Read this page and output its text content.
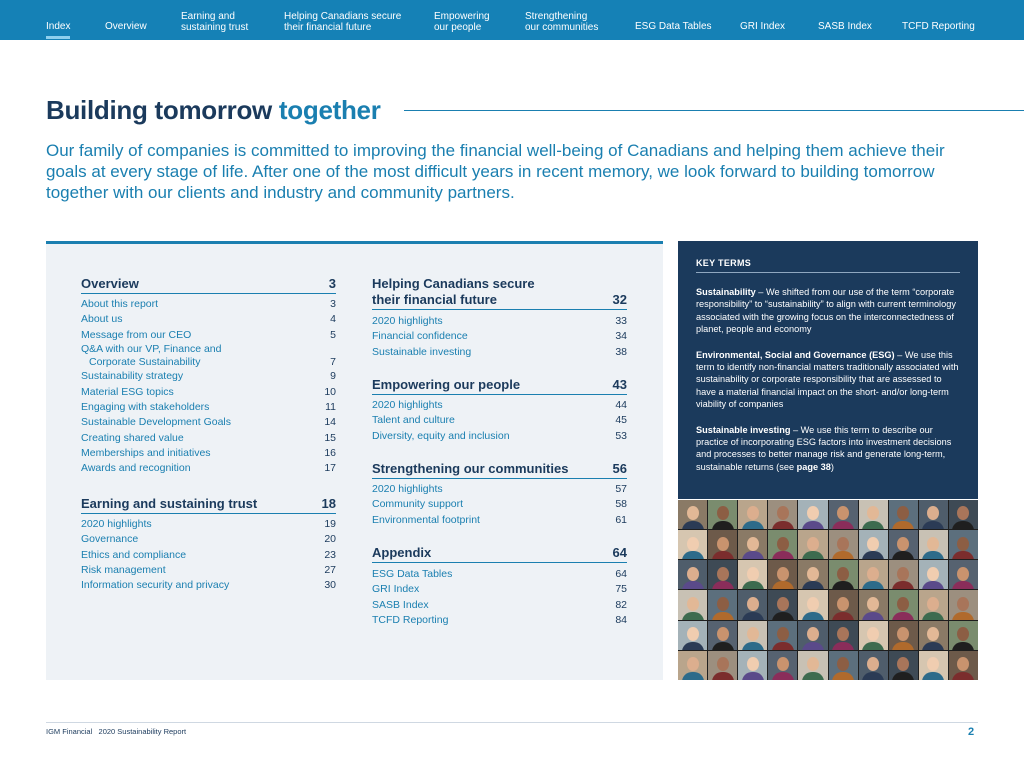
Index	Overview
Earning and
sustaining trust
Helping Canadians secure
their financial future
Empowering
our people
Strengthening
our communities	ESG Data Tables	GRI Index	SASB Index	TCFD Reporting
Building tomorrow together

Our family of companies is committed to improving the financial well-being of Canadians and helping them achieve their goals at every stage of life. After one of the most difficult years in recent memory, we look forward to building tomorrow together with our clients and industry and community partners.

Overview	3
About this report	3
About us	4
Message from our CEO	5
Q&A with our VP, Finance and
Corporate Sustainability	7
Sustainability strategy	9
Material ESG topics	10
Engaging with stakeholders	11
Sustainable Development Goals	14
Creating shared value	15
Memberships and initiatives	16
Awards and recognition	17
Earning and sustaining trust	18
2020 highlights	19
Governance	20
Ethics and compliance	23
Risk management	27
Information security and privacy	30
Helping Canadians secure
their financial future	32
2020 highlights	33
Financial confidence	34
Sustainable investing	38
Empowering our people	43
2020 highlights	44
Talent and culture	45
Diversity, equity and inclusion	53
Strengthening our communities	56
2020 highlights	57
Community support	58
Environmental footprint	61
Appendix	64
ESG Data Tables	64
GRI Index	75
SASB Index	82
TCFD Reporting	84
KEY TERMS

Sustainability – We shifted from our use of the term “corporate responsibility” to “sustainability” to align with current terminology associated with the growing focus on the interconnectedness of planet, people and economy

Environmental, Social and Governance (ESG) – We use this term to identify non-financial matters traditionally associated with sustainability or corporate responsibility that are assessed to have a material financial impact on the short- and/or long-term viability of companies

Sustainable investing – We use this term to describe our practice of incorporating ESG factors into investment decisions and processes to better manage risk and generate long-term, sustainable returns (see page 38)

IGM Financial 2020 Sustainability Report	2
